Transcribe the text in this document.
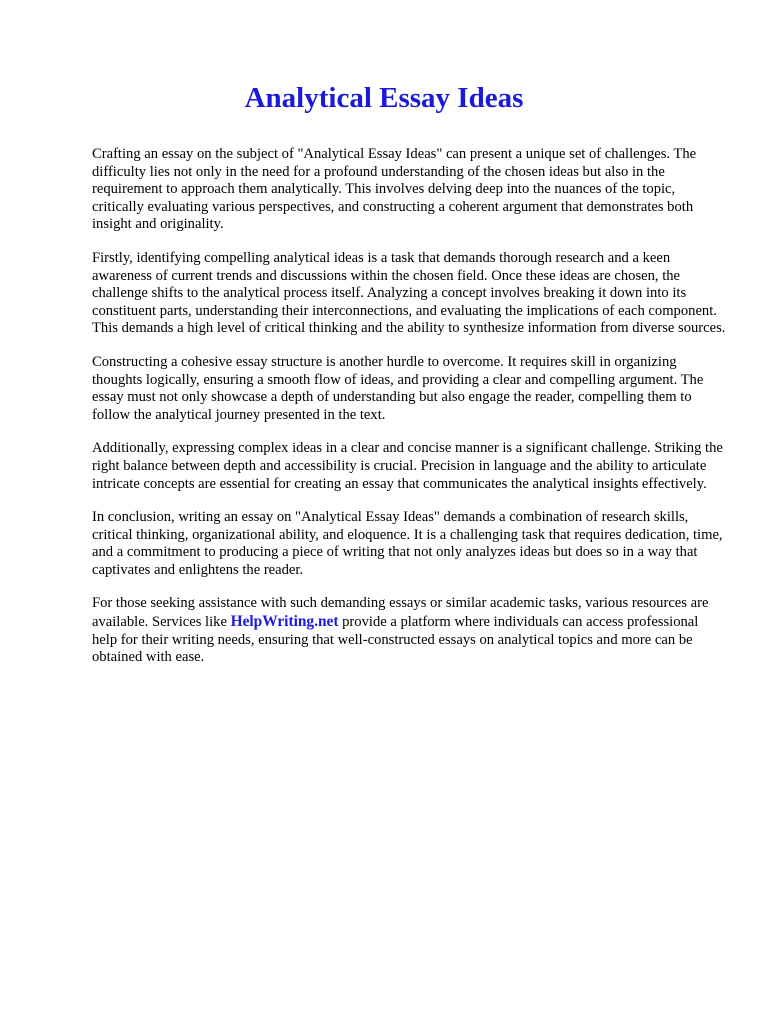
Analytical Essay Ideas

Crafting an essay on the subject of "Analytical Essay Ideas" can present a unique set of challenges. The difficulty lies not only in the need for a profound understanding of the chosen ideas but also in the requirement to approach them analytically. This involves delving deep into the nuances of the topic, critically evaluating various perspectives, and constructing a coherent argument that demonstrates both insight and originality.

Firstly, identifying compelling analytical ideas is a task that demands thorough research and a keen awareness of current trends and discussions within the chosen field. Once these ideas are chosen, the challenge shifts to the analytical process itself. Analyzing a concept involves breaking it down into its constituent parts, understanding their interconnections, and evaluating the implications of each component. This demands a high level of critical thinking and the ability to synthesize information from diverse sources.

Constructing a cohesive essay structure is another hurdle to overcome. It requires skill in organizing thoughts logically, ensuring a smooth flow of ideas, and providing a clear and compelling argument. The essay must not only showcase a depth of understanding but also engage the reader, compelling them to follow the analytical journey presented in the text.

Additionally, expressing complex ideas in a clear and concise manner is a significant challenge. Striking the right balance between depth and accessibility is crucial. Precision in language and the ability to articulate intricate concepts are essential for creating an essay that communicates the analytical insights effectively.

In conclusion, writing an essay on "Analytical Essay Ideas" demands a combination of research skills, critical thinking, organizational ability, and eloquence. It is a challenging task that requires dedication, time, and a commitment to producing a piece of writing that not only analyzes ideas but does so in a way that captivates and enlightens the reader.

For those seeking assistance with such demanding essays or similar academic tasks, various resources are available. Services like HelpWriting.net provide a platform where individuals can access professional help for their writing needs, ensuring that well-constructed essays on analytical topics and more can be obtained with ease.
